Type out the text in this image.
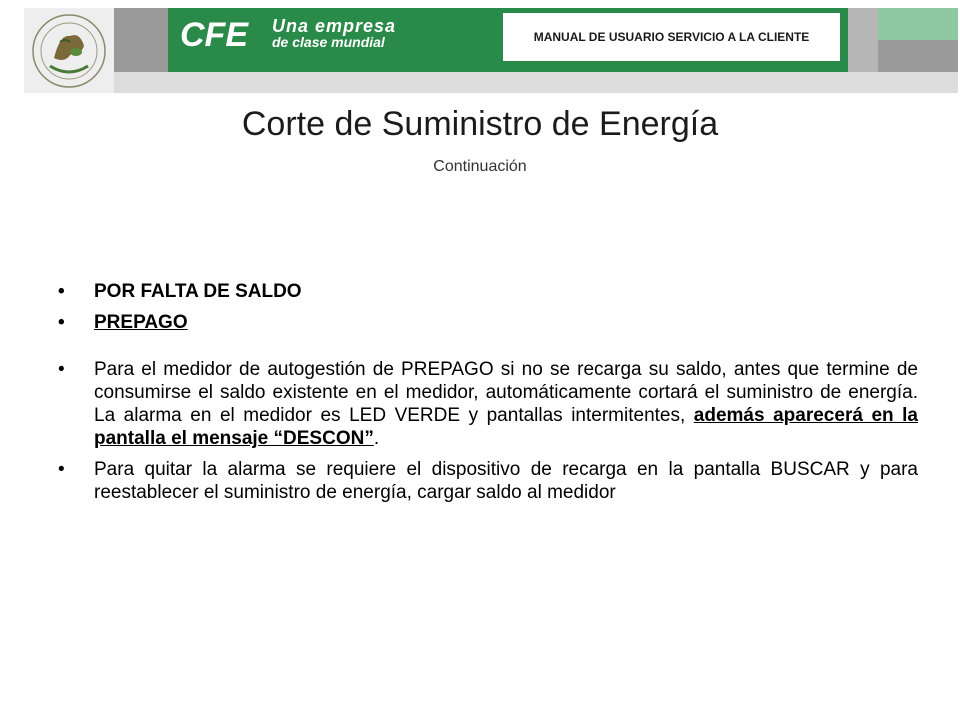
CFE Una empresa
de clase mundial	MANUAL DE USUARIO SERVICIO A LA CLIENTE
Corte de Suministro de Energía
Continuación
• POR FALTA DE SALDO
• PREPAGO
• Para el medidor de autogestión de PREPAGO si no se recarga su saldo, antes que termine de consumirse el saldo existente en el medidor, automáticamente cortará el suministro de energía. La alarma en el medidor es LED VERDE y pantallas intermitentes, además aparecerá en la pantalla el mensaje “DESCON”.
• Para quitar la alarma se requiere el dispositivo de recarga en la pantalla BUSCAR y para reestablecer el suministro de energía, cargar saldo al medidor
